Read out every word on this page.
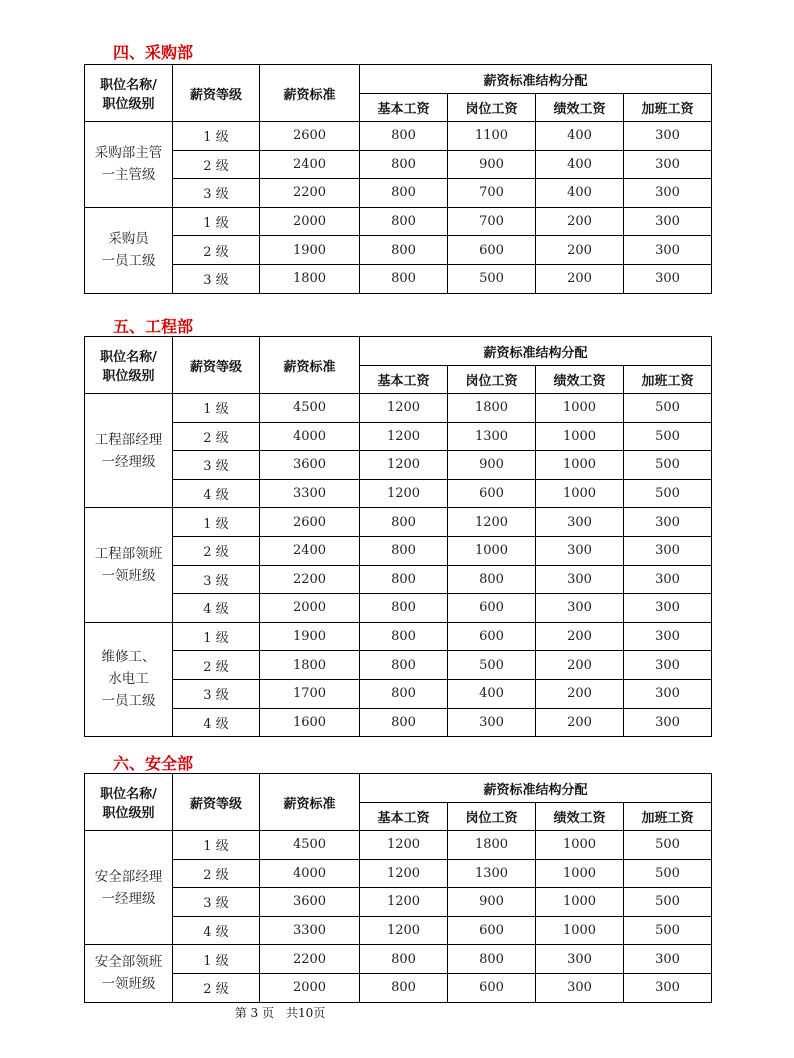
四、采购部
五、工程部
六、安全部
职位名称/
职位级别	薪资等级	薪资标准	薪资标准结构分配			
			基本工资	岗位工资	绩效工资	加班工资

采购部主管
一主管级	1 级	2600	800	1100	400	300
	2 级	2400	800	900	400	300
	3 级	2200	800	700	400	300

采购员
一员工级	1 级	2000	800	700	200	300
	2 级	1900	800	600	200	300
	3 级	1800	800	500	200	300
职位名称/
职位级别	薪资等级	薪资标准	薪资标准结构分配			
			基本工资	岗位工资	绩效工资	加班工资

工程部经理
一经理级	1 级	4500	1200	1800	1000	500
	2 级	4000	1200	1300	1000	500
	3 级	3600	1200	900	1000	500
	4 级	3300	1200	600	1000	500

工程部领班
一领班级	1 级	2600	800	1200	300	300
	2 级	2400	800	1000	300	300
	3 级	2200	800	800	300	300
	4 级	2000	800	600	300	300

维修工、
水电工
一员工级	1 级	1900	800	600	200	300
	2 级	1800	800	500	200	300
	3 级	1700	800	400	200	300
	4 级	1600	800	300	200	300
职位名称/
职位级别	薪资等级	薪资标准	薪资标准结构分配			
			基本工资	岗位工资	绩效工资	加班工资

安全部经理
一经理级	1 级	4500	1200	1800	1000	500
	2 级	4000	1200	1300	1000	500
	3 级	3600	1200	900	1000	500
	4 级	3300	1200	600	1000	500

安全部领班
一领班级	1 级	2200	800	800	300	300
	2 级	2000	800	600	300	300
第 3 页　共10页
